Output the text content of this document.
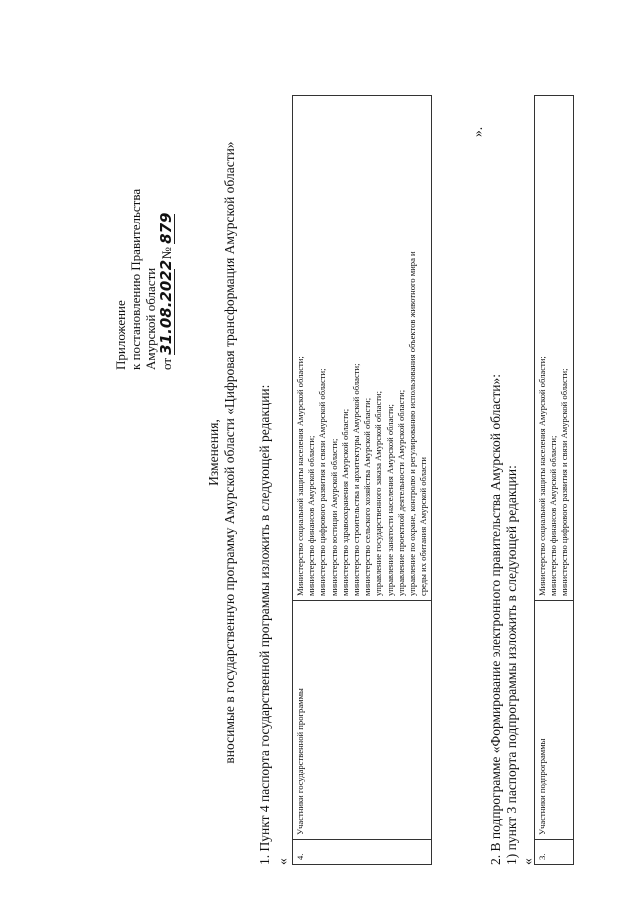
Приложение к постановлению Правительства Амурской области от 31.08.2022 № 879
Изменения, вносимые в государственную программу Амурской области «Цифровая трансформация Амурской области» 1. Пункт 4 паспорта государственной программы изложить в следующей редакции: «
4.	Участники государственной программы	
Министерство социальной защиты населения Амурской области; министерство финансов Амурской области; министерство цифрового развития и связи Амурской области; министерство юстиции Амурской области; министерство здравоохранения Амурской области; министерство строительства и архитектуры Амурской области; министерство сельского хозяйства Амурской области; управление государственного заказа Амурской области; управление занятости населения Амурской области; управление проектной деятельности Амурской области; управление по охране, контролю и регулированию использования объектов животного мира и среды их обитания Амурской области
».
2. В подпрограмме «Формирование электронного правительства Амурской области»: 1) пункт 3 паспорта подпрограммы изложить в следующей редакции: «
3.	Участники подпрограммы	
Министерство социальной защиты населения Амурской области; министерство финансов Амурской области; министерство цифрового развития и связи Амурской области;
